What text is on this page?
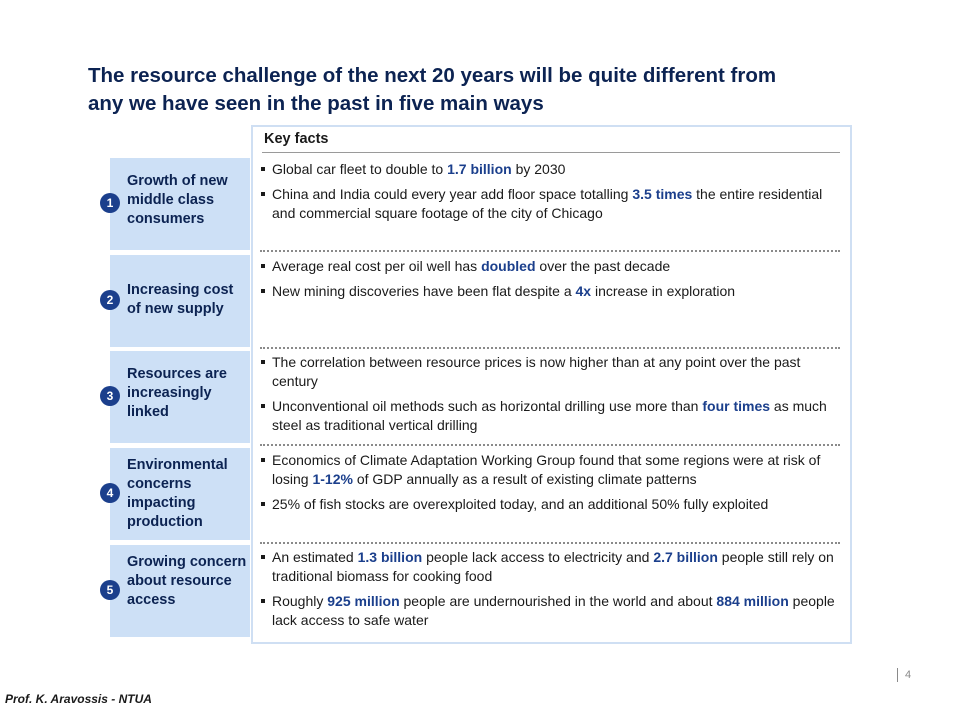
The resource challenge of the next 20 years will be quite different from
any we have seen in the past in five main ways
Key facts
1
Growth of new middle class consumers
2
Increasing cost of new supply
3
Resources are increasingly linked
4
Environmental concerns impacting production
5
Growing concern about resource access
Global car fleet to double to 1.7 billion by 2030
China and India could every year add floor space totalling 3.5 times the entire residential and commercial square footage of the city of Chicago
Average real cost per oil well has doubled over the past decade
New mining discoveries have been flat despite a 4x increase in exploration
The correlation between resource prices is now higher than at any point over the past century
Unconventional oil methods such as horizontal drilling use more than four times as much steel as traditional vertical drilling
Economics of Climate Adaptation Working Group found that some regions were at risk of losing 1-12% of GDP annually as a result of existing climate patterns
25% of fish stocks are overexploited today, and an additional 50% fully exploited
An estimated 1.3 billion people lack access to electricity and 2.7 billion people still rely on traditional biomass for cooking food
Roughly 925 million people are undernourished in the world and about 884 million people lack access to safe water
4
Prof. K. Aravossis - NTUA
